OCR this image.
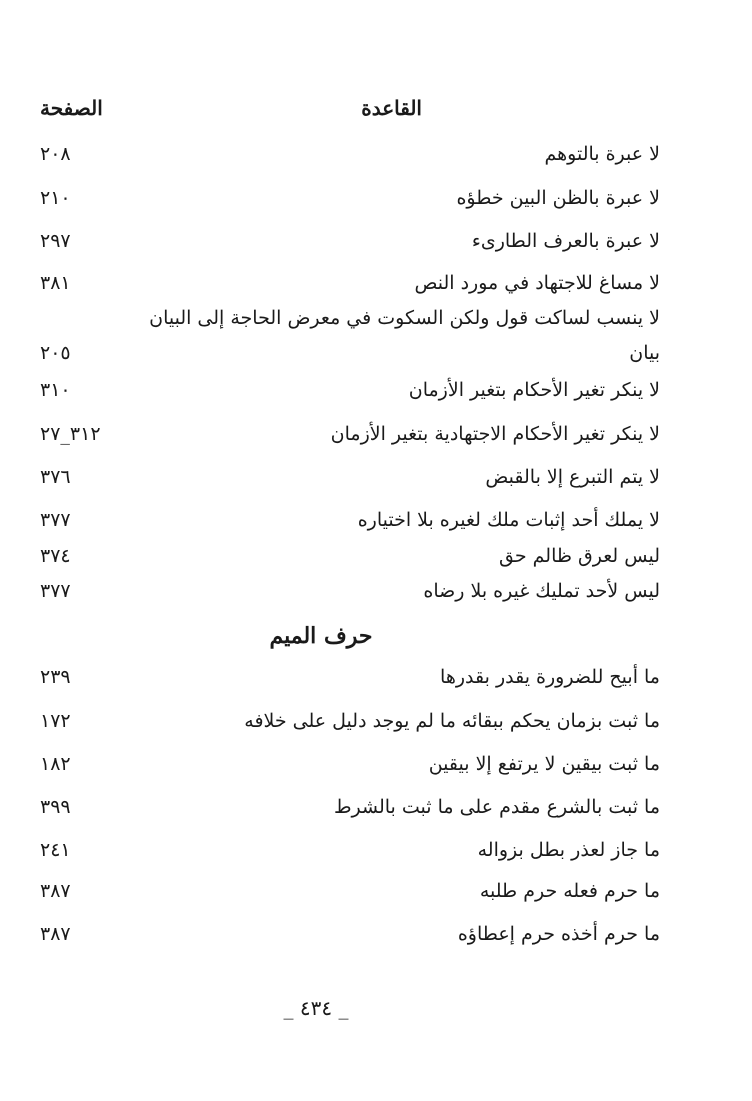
القاعدة
الصفحة
لا عبرة بالتوهم
٢٠٨
لا عبرة بالظن البين خطؤه
٢١٠
لا عبرة بالعرف الطارىء
٢٩٧
لا مساغ للاجتهاد في مورد النص
٣٨١
لا ينسب لساكت قول ولكن السكوت في معرض الحاجة إلى البيان
بيان
٢٠٥
لا ينكر تغير الأحكام بتغير الأزمان
٣١٠
لا ينكر تغير الأحكام الاجتهادية بتغير الأزمان
٣١٢_٢٧
لا يتم التبرع إلا بالقبض
٣٧٦
لا يملك أحد إثبات ملك لغيره بلا اختياره
٣٧٧
ليس لعرق ظالم حق
٣٧٤
ليس لأحد تمليك غيره بلا رضاه
٣٧٧
حرف الميم
ما أبيح للضرورة يقدر بقدرها
٢٣٩
ما ثبت بزمان يحكم ببقائه ما لم يوجد دليل على خلافه
١٧٢
ما ثبت بيقين لا يرتفع إلا بيقين
١٨٢
ما ثبت بالشرع مقدم على ما ثبت بالشرط
٣٩٩
ما جاز لعذر بطل بزواله
٢٤١
ما حرم فعله حرم طلبه
٣٨٧
ما حرم أخذه حرم إعطاؤه
٣٨٧
_ ٤٣٤ _
